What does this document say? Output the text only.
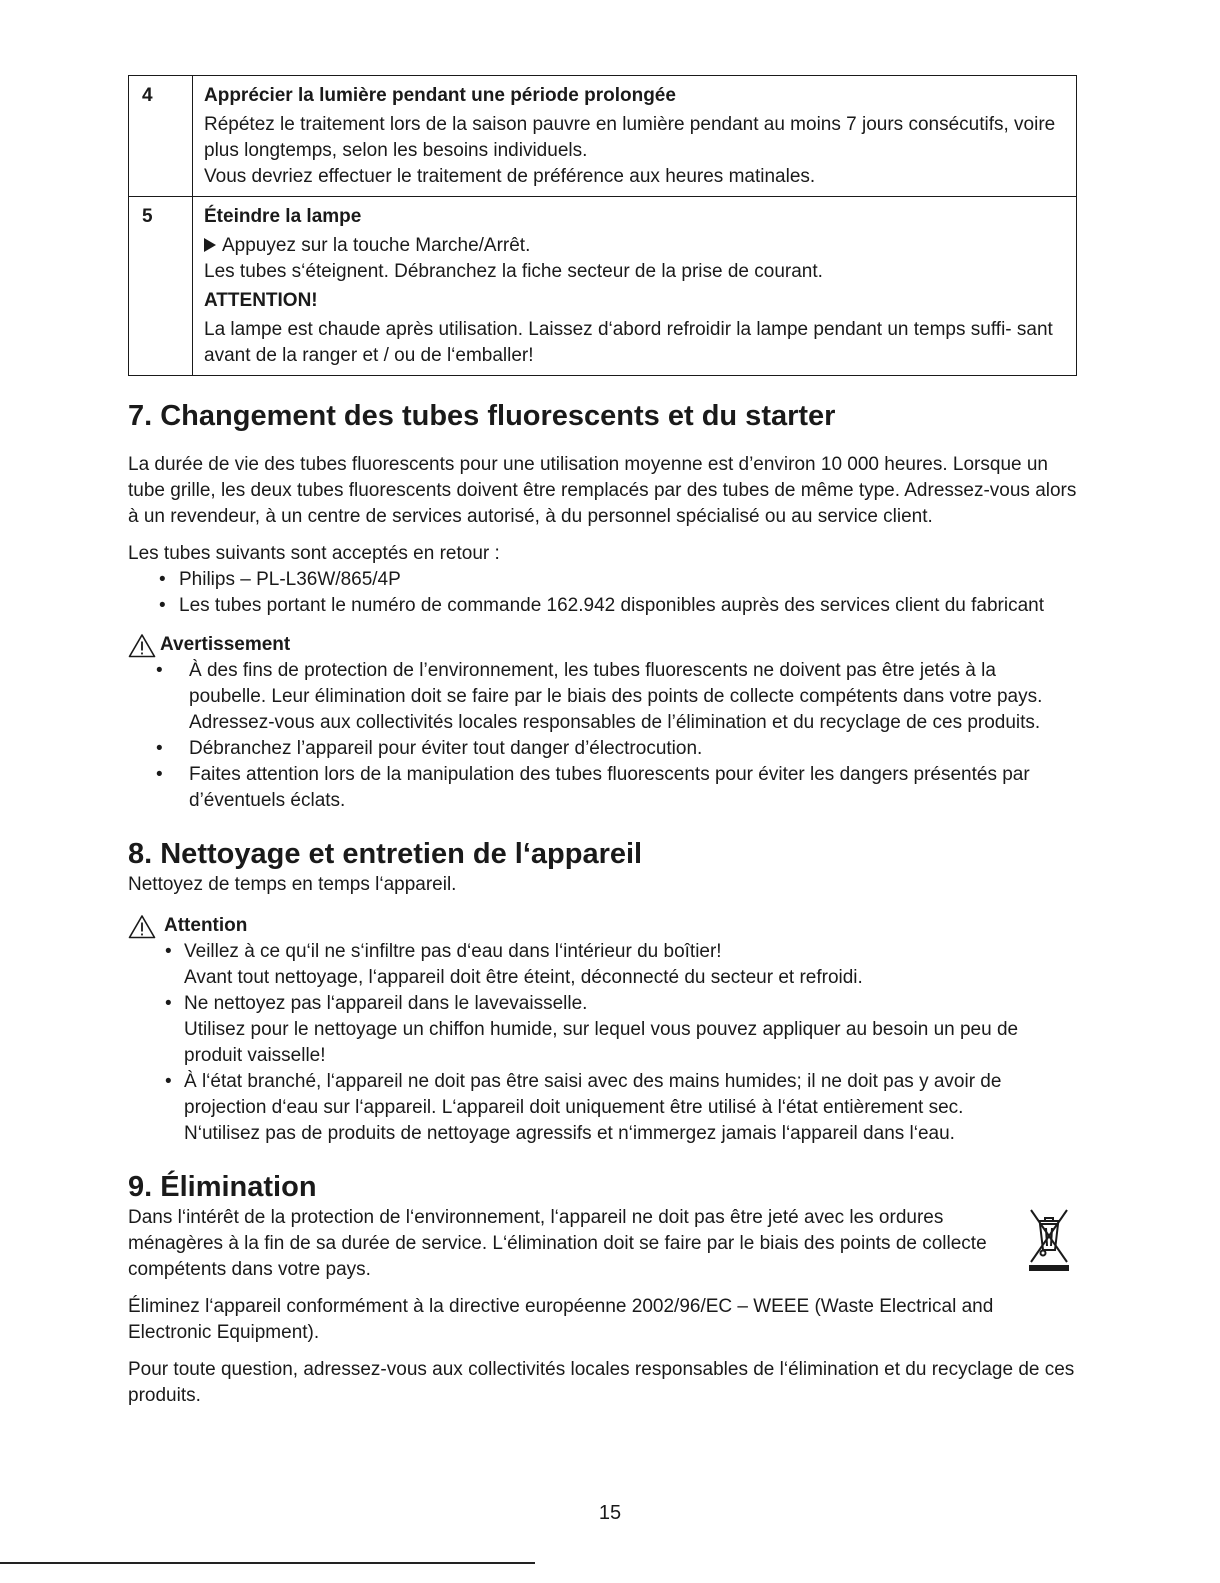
4	Apprécier la lumière pendant une période prolongée

Répétez le traitement lors de la saison pauvre en lumière pendant au moins 7 jours consécutifs, voire plus longtemps, selon les besoins individuels.

Vous devriez effectuer le traitement de préférence aux heures matinales.

5	Éteindre la lampe

Appuyez sur la touche Marche/Arrêt.

Les tubes s‘éteignent. Débranchez la fiche secteur de la prise de courant.

ATTENTION!

La lampe est chaude après utilisation. Laissez d‘abord refroidir la lampe pendant un temps suffi- sant avant de la ranger et / ou de l‘emballer!

7. Changement des tubes fluorescents et du starter

La durée de vie des tubes fluorescents pour une utilisation moyenne est d’environ 10 000 heures. Lorsque un tube grille, les deux tubes fluorescents doivent être remplacés par des tubes de même type. Adressez-vous alors à un revendeur, à un centre de services autorisé, à du personnel spécialisé ou au service client.

Les tubes suivants sont acceptés en retour :

• Philips – PL-L36W/865/4P
• Les tubes portant le numéro de commande 162.942 disponibles auprès des services client du fabricant
Avertissement
• À des fins de protection de l’environnement, les tubes fluorescents ne doivent pas être jetés à la poubelle. Leur élimination doit se faire par le biais des points de collecte compétents dans votre pays. Adressez-vous aux collectivités locales responsables de l’élimination et du recyclage de ces produits.
• Débranchez l’appareil pour éviter tout danger d’électrocution.
• Faites attention lors de la manipulation des tubes fluorescents pour éviter les dangers présentés par d’éventuels éclats.
8. Nettoyage et entretien de l‘appareil

Nettoyez de temps en temps l‘appareil.

Attention

• Veillez à ce qu‘il ne s‘infiltre pas d‘eau dans l‘intérieur du boîtier!

Avant tout nettoyage, l‘appareil doit être éteint, déconnecté du secteur et refroidi.

• Ne nettoyez pas l‘appareil dans le lavevaisselle.

Utilisez pour le nettoyage un chiffon humide, sur lequel vous pouvez appliquer au besoin un peu de produit vaisselle!

• À l‘état branché, l‘appareil ne doit pas être saisi avec des mains humides; il ne doit pas y avoir de projection d‘eau sur l‘appareil. L‘appareil doit uniquement être utilisé à l‘état entièrement sec.

N‘utilisez pas de produits de nettoyage agressifs et n‘immergez jamais l‘appareil dans l‘eau.

9. Élimination

Dans l‘intérêt de la protection de l‘environnement, l‘appareil ne doit pas être jeté avec les ordures ménagères à la fin de sa durée de service. L‘élimination doit se faire par le biais des points de collecte compétents dans votre pays.

Éliminez l‘appareil conformément à la directive européenne 2002/96/EC – WEEE (Waste Electrical and Electronic Equipment).

Pour toute question, adressez-vous aux collectivités locales responsables de l‘élimination et du recyclage de ces produits.

15
